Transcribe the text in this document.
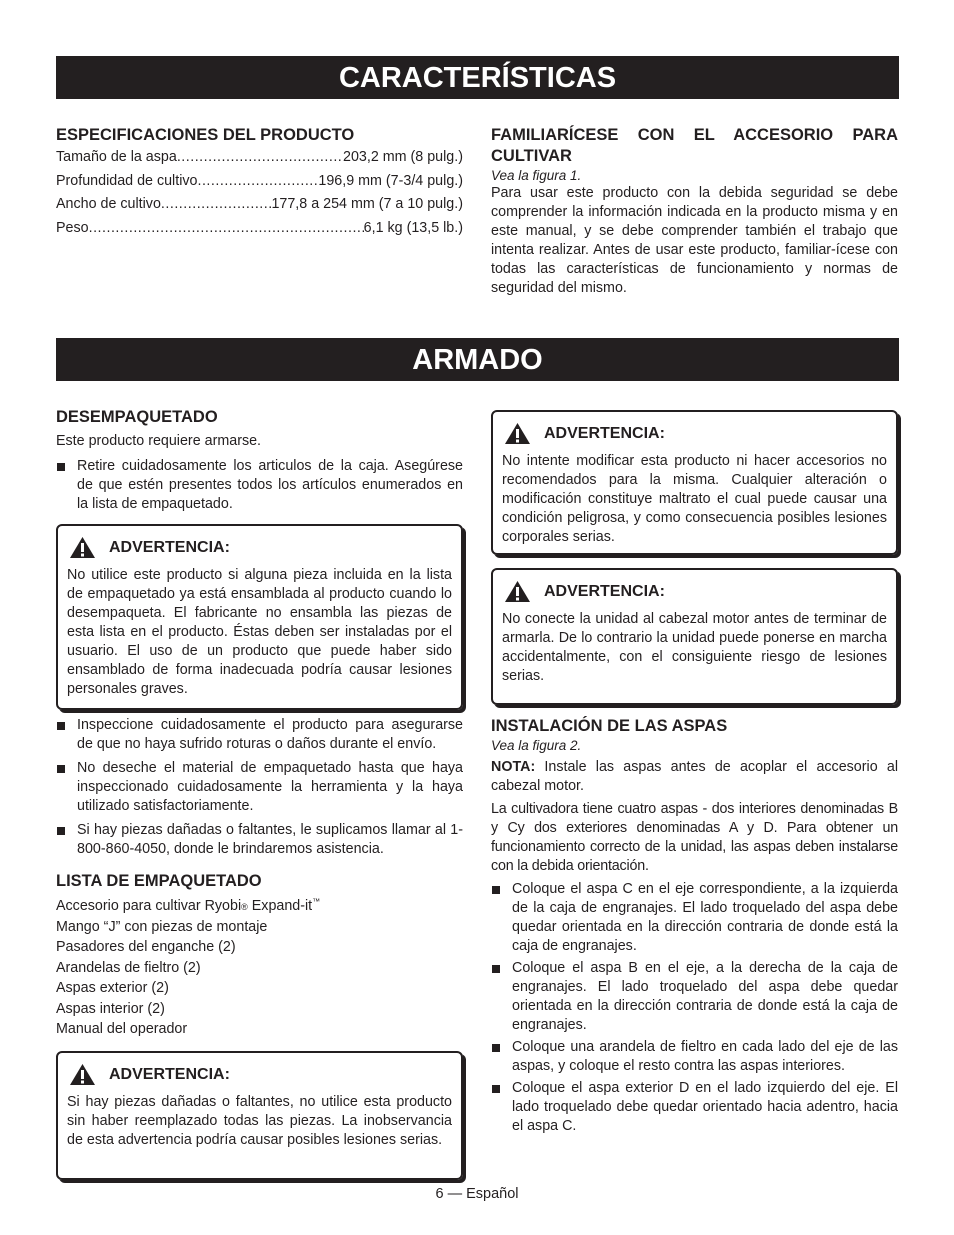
CARACTERÍSTICAS
ARMADO

ESPECIFICACIONES DEL PRODUCTO

Tamaño de la aspa .....	203,2 mm (8 pulg.)
Profundidad de cultivo .....	196,9 mm (7-3/4 pulg.)
Ancho de cultivo .....	177,8 a 254 mm (7 a 10 pulg.)
Peso .....	6,1 kg (13,5 lb.)

FAMILIARÍCESE CON EL ACCESORIO PARA CULTIVAR

Vea la figura 1.

Para usar este producto con la debida seguridad se debe comprender la información indicada en la producto misma y en este manual, y se debe comprender también el trabajo que intenta realizar. Antes de usar este producto, familiar-ícese con todas las características de funcionamiento y normas de seguridad del mismo.

DESEMPAQUETADO

Este producto requiere armarse.

Retire cuidadosamente los articulos de la caja. Asegúrese de que estén presentes todos los artículos enumerados en la lista de empaquetado.
ADVERTENCIA:

No utilice este producto si alguna pieza incluida en la lista de empaquetado ya está ensamblada al producto cuando lo desempaqueta. El fabricante no ensambla las piezas de esta lista en el producto. Éstas deben ser instaladas por el usuario. El uso de un producto que puede haber sido ensamblado de forma inadecuada podría causar lesiones personales graves.

Inspeccione cuidadosamente el producto para asegurarse de que no haya sufrido roturas o daños durante el envío.
No deseche el material de empaquetado hasta que haya inspeccionado cuidadosamente la herramienta y la haya utilizado satisfactoriamente.
Si hay piezas dañadas o faltantes, le suplicamos llamar al 1-800-860-4050, donde le brindaremos asistencia.

LISTA DE EMPAQUETADO

Accesorio para cultivar Ryobi® Expand-it™

Mango “J” con piezas de montaje

Pasadores del enganche (2)

Arandelas de fieltro (2)

Aspas exterior (2)

Aspas interior (2)

Manual del operador

ADVERTENCIA:

Si hay piezas dañadas o faltantes, no utilice esta producto sin haber reemplazado todas las piezas. La inobservancia de esta advertencia podría causar posibles lesiones serias.

ADVERTENCIA:

No intente modificar esta producto ni hacer accesorios no recomendados para la misma. Cualquier alteración o modificación constituye maltrato el cual puede causar una condición peligrosa, y como consecuencia posibles lesiones corporales serias.

ADVERTENCIA:

No conecte la unidad al cabezal motor antes de terminar de armarla. De lo contrario la unidad puede ponerse en marcha accidentalmente, con el consiguiente riesgo de lesiones serias.

INSTALACIÓN DE LAS ASPAS

Vea la figura 2.

NOTA: Instale las aspas antes de acoplar el accesorio al cabezal motor.

La cultivadora tiene cuatro aspas - dos interiores denominadas B y Cy dos exteriores denominadas A y D. Para obtener un funcionamiento correcto de la unidad, las aspas deben instalarse con la debida orientación.

Coloque el aspa C en el eje correspondiente, a la izquierda de la caja de engranajes. El lado troquelado del aspa debe quedar orientada en la dirección contraria de donde está la caja de engranajes.
Coloque el aspa B en el eje, a la derecha de la caja de engranajes. El lado troquelado del aspa debe quedar orientada en la dirección contraria de donde está la caja de engranajes.
Coloque una arandela de fieltro en cada lado del eje de las aspas, y coloque el resto contra las aspas interiores.
Coloque el aspa exterior D en el lado izquierdo del eje. El lado troquelado debe quedar orientado hacia adentro, hacia el aspa C.
6 — Español
